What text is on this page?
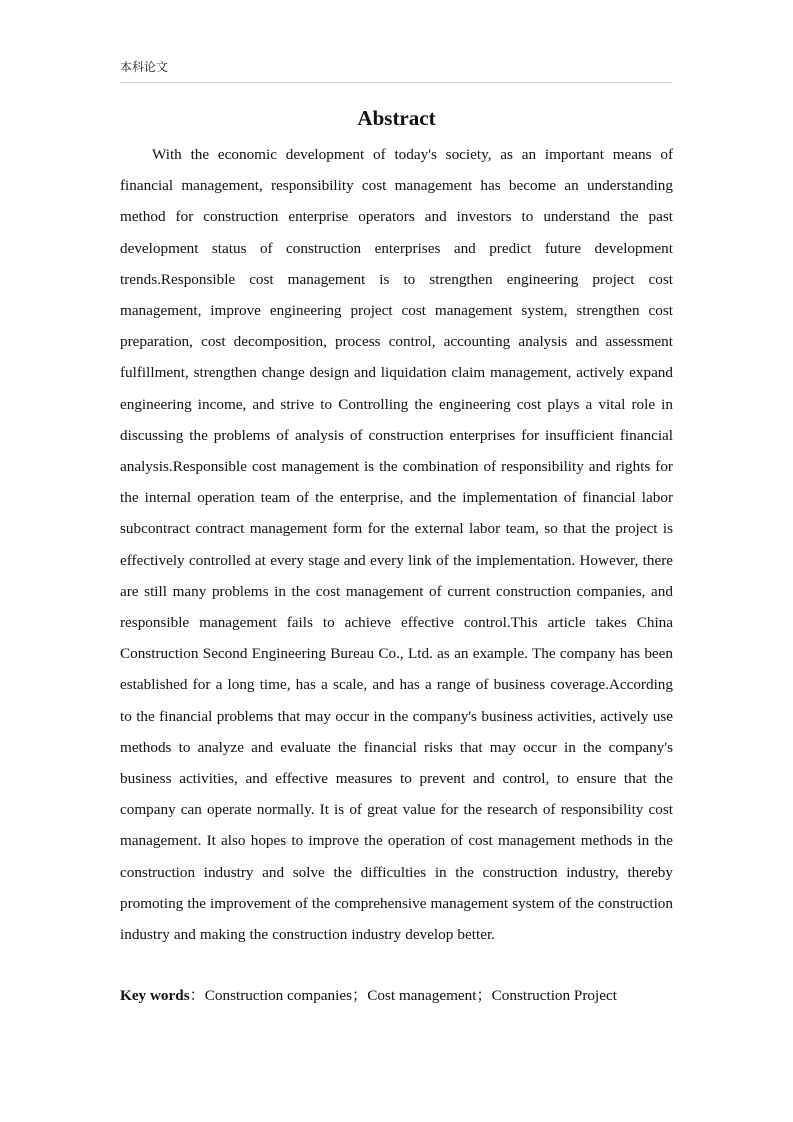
本科论文
Abstract

With the economic development of today's society, as an important means of financial management, responsibility cost management has become an understanding method for construction enterprise operators and investors to understand the past development status of construction enterprises and predict future development trends.Responsible cost management is to strengthen engineering project cost management, improve engineering project cost management system, strengthen cost preparation, cost decomposition, process control, accounting analysis and assessment fulfillment, strengthen change design and liquidation claim management, actively expand engineering income, and strive to Controlling the engineering cost plays a vital role in discussing the problems of analysis of construction enterprises for insufficient financial analysis.Responsible cost management is the combination of responsibility and rights for the internal operation team of the enterprise, and the implementation of financial labor subcontract contract management form for the external labor team, so that the project is effectively controlled at every stage and every link of the implementation. However, there are still many problems in the cost management of current construction companies, and responsible management fails to achieve effective control.This article takes China Construction Second Engineering Bureau Co., Ltd. as an example. The company has been established for a long time, has a scale, and has a range of business coverage.According to the financial problems that may occur in the company's business activities, actively use methods to analyze and evaluate the financial risks that may occur in the company's business activities, and effective measures to prevent and control, to ensure that the company can operate normally. It is of great value for the research of responsibility cost management. It also hopes to improve the operation of cost management methods in the construction industry and solve the difficulties in the construction industry, thereby promoting the improvement of the comprehensive management system of the construction industry and making the construction industry develop better.

Key words：Construction companies；Cost management；Construction Project
